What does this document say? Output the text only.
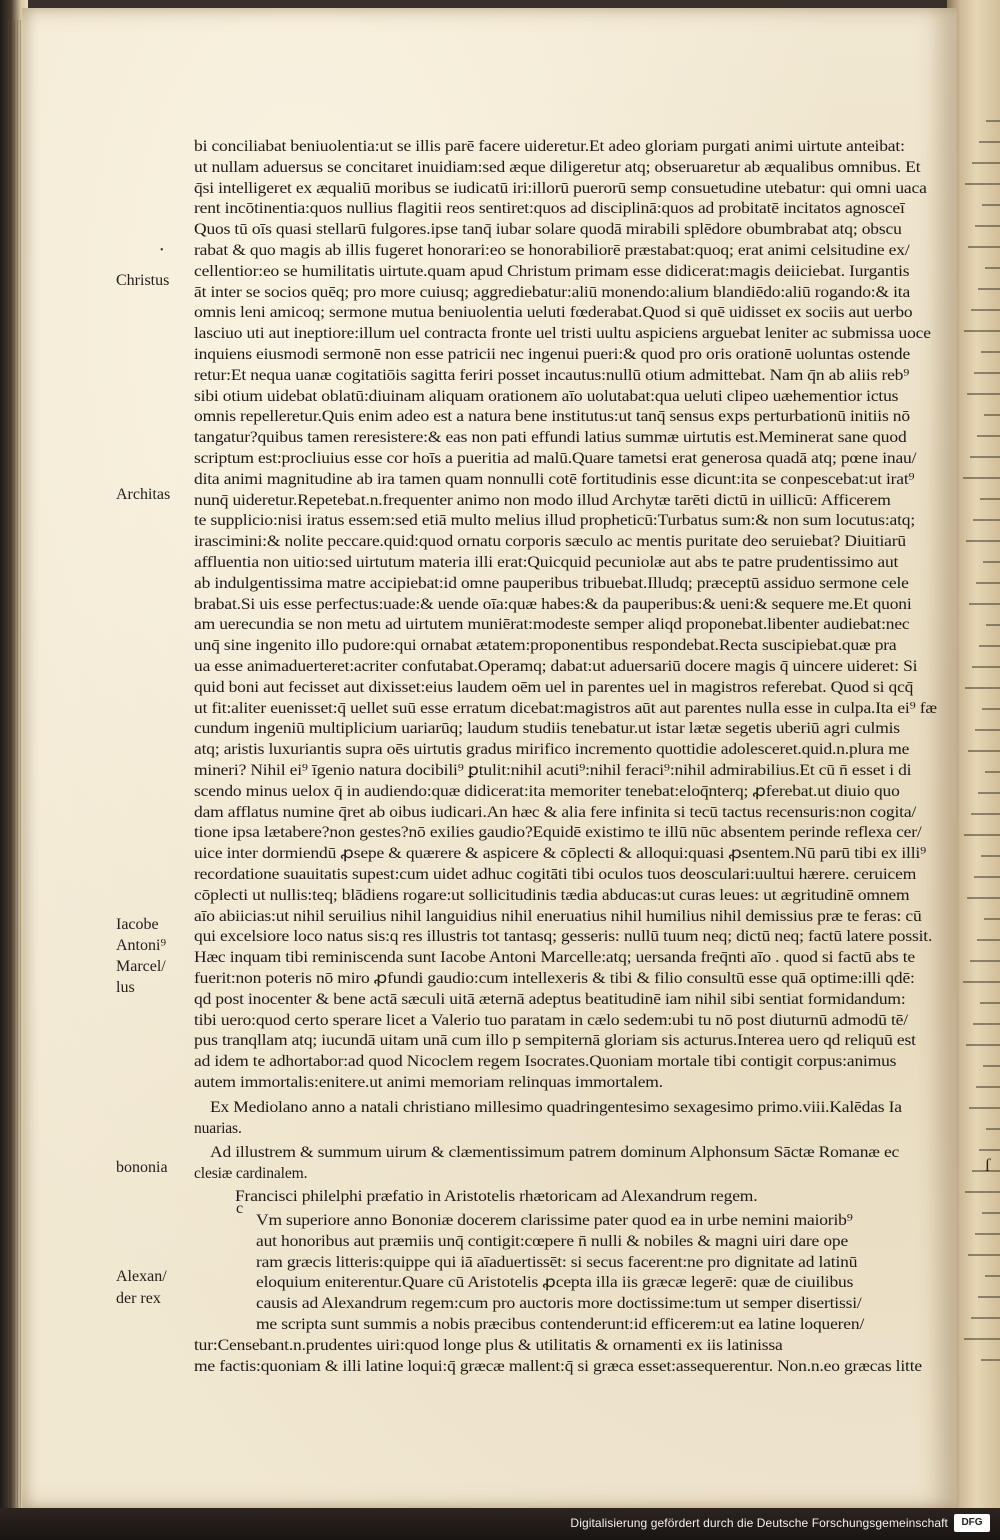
bi conciliabat beniuolentia:ut se illis parē facere uideretur.Et adeo gloriam purgati animi uirtute anteibat:
ut nullam aduersus se concitaret inuidiam:sed æque diligeretur atq; obseruaretur ab æqualibus omnibus. Et
q̄si intelligeret ex æqualiū moribus se iudicatū iri:illorū puerorū semp consuetudine utebatur: qui omni uaca
rent incōtinentia:quos nullius flagitii reos sentiret:quos ad disciplinā:quos ad probitatē incitatos agnosceī
Quos tū oīs quasi stellarū fulgores.ipse tanq̄ iubar solare quodā mirabili splēdore obumbrabat atq; obscu
rabat & quo magis ab illis fugeret honorari:eo se honorabiliorē præstabat:quoq; erat animi celsitudine ex/
cellentior:eo se humilitatis uirtute.quam apud Christum primam esse didicerat:magis deiiciebat. Iurgantis
āt inter se socios quēq; pro more cuiusq; aggrediebatur:aliū monendo:alium blandiēdo:aliū rogando:& ita
omnis leni amicoq; sermone mutua beniuolentia ueluti fœderabat.Quod si quē uidisset ex sociis aut uerbo
lasciuo uti aut ineptiore:illum uel contracta fronte uel tristi uultu aspiciens arguebat leniter ac submissa uoce
inquiens eiusmodi sermonē non esse patricii nec ingenui pueri:& quod pro oris orationē uoluntas ostende
retur:Et nequa uanæ cogitatiōis sagitta feriri posset incautus:nullū otium admittebat. Nam q̄n ab aliis reb⁹
sibi otium uidebat oblatū:diuinam aliquam orationem aīo uolutabat:qua ueluti clipeo uæhementior ictus
omnis repelleretur.Quis enim adeo est a natura bene institutus:ut tanq̄ sensus exps perturbationū initiis nō
tangatur?quibus tamen reresistere:& eas non pati effundi latius summæ uirtutis est.Meminerat sane quod
scriptum est:procliuius esse cor hoīs a pueritia ad malū.Quare tametsi erat generosa quadā atq; pœne inau/
dita animi magnitudine ab ira tamen quam nonnulli cotē fortitudinis esse dicunt:ita se conpescebat:ut irat⁹
nunq̄ uideretur.Repetebat.n.frequenter animo non modo illud Archytæ tarēti dictū in uillicū: Afficerem
te supplicio:nisi iratus essem:sed etiā multo melius illud propheticū:Turbatus sum:& non sum locutus:atq;
irascimini:& nolite peccare.quid:quod ornatu corporis sæculo ac mentis puritate deo seruiebat? Diuitiarū
affluentia non uitio:sed uirtutum materia illi erat:Quicquid pecuniolæ aut abs te patre prudentissimo aut
ab indulgentissima matre accipiebat:id omne pauperibus tribuebat.Illudq; præceptū assiduo sermone cele
brabat.Si uis esse perfectus:uade:& uende oīa:quæ habes:& da pauperibus:& ueni:& sequere me.Et quoni
am uerecundia se non metu ad uirtutem muniērat:modeste semper aliqd proponebat.libenter audiebat:nec
unq̄ sine ingenito illo pudore:qui ornabat ætatem:proponentibus respondebat.Recta suscipiebat.quæ pra
ua esse animaduerteret:acriter confutabat.Operamq; dabat:ut aduersariū docere magis q̄ uincere uideret: Si
quid boni aut fecisset aut dixisset:eius laudem oēm uel in parentes uel in magistros referebat. Quod si qcq̄
ut fit:aliter euenisset:q̄ uellet suū esse erratum dicebat:magistros aūt aut parentes nulla esse in culpa.Ita ei⁹ fæ
cundum ingeniū multiplicium uariarūq; laudum studiis tenebatur.ut istar lætæ segetis uberiū agri culmis
atq; aristis luxuriantis supra oēs uirtutis gradus mirifico incremento quottidie adolesceret.quid.n.plura me
mineri? Nihil ei⁹ īgenio natura docibili⁹ ꝑtulit:nihil acuti⁹:nihil feraci⁹:nihil admirabilius.Et cū n̄ esset i di
scendo minus uelox q̄ in audiendo:quæ didicerat:ita memoriter tenebat:eloq̄nterq; ꝓferebat.ut diuio quo
dam afflatus numine q̄ret ab oibus iudicari.An hæc & alia fere infinita si tecū tactus recensuris:non cogita/
tione ipsa lætabere?non gestes?nō exilies gaudio?Equidē existimo te illū nūc absentem perinde reflexa cer/
uice inter dormiendū ꝓsepe & quærere & aspicere & cōplecti & alloqui:quasi ꝓsentem.Nū parū tibi ex illi⁹
recordatione suauitatis supest:cum uidet adhuc cogitāti tibi oculos tuos deosculari:uultui hærere. ceruicem
cōplecti ut nullis:teq; blādiens rogare:ut sollicitudinis tædia abducas:ut curas leues: ut ægritudinē omnem
aīo abiicias:ut nihil seruilius nihil languidius nihil eneruatius nihil humilius nihil demissius præ te feras: cū
qui excelsiore loco natus sis:q res illustris tot tantasq; gesseris: nullū tuum neq; dictū neq; factū latere possit.
Hæc inquam tibi reminiscenda sunt Iacobe Antoni Marcelle:atq; uersanda freq̄nti aīo . quod si factū abs te
fuerit:non poteris nō miro ꝓfundi gaudio:cum intellexeris & tibi & filio consultū esse quā optime:illi qdē:
qd post inocenter & bene actā sæculi uitā æternā adeptus beatitudinē iam nihil sibi sentiat formidandum:
tibi uero:quod certo sperare licet a Valerio tuo paratam in cælo sedem:ubi tu nō post diuturnū admodū tē/
pus tranqllam atq; iucundā uitam unā cum illo p sempiternā gloriam sis acturus.Interea uero qd reliquū est
ad idem te adhortabor:ad quod Nicoclem regem Isocrates.Quoniam mortale tibi contigit corpus:animus
autem immortalis:enitere.ut animi memoriam relinquas immortalem.
Ex Mediolano anno a natali christiano millesimo quadringentesimo sexagesimo primo.viii.Kalēdas Ia
nuarias.
Ad illustrem & summum uirum & clæmentissimum patrem dominum Alphonsum Sāctæ Romanæ ec
clesiæ cardinalem.
Francisci philelphi præfatio in Aristotelis rhætoricam ad Alexandrum regem.
Vm superiore anno Bononiæ docerem clarissime pater quod ea in urbe nemini maiorib⁹
aut honoribus aut præmiis unq̄ contigit:cœpere n̄ nulli & nobiles & magni uiri dare ope
ram græcis litteris:quippe qui iā aīaduertissēt: si secus facerent:ne pro dignitate ad latinū
eloquium eniterentur.Quare cū Aristotelis ꝓcepta illa iis græcæ legerē: quæ de ciuilibus
causis ad Alexandrum regem:cum pro auctoris more doctissime:tum ut semper disertissi/
me scripta sunt summis a nobis præcibus contenderunt:id efficerem:ut ea latine loqueren/
tur:Censebant.n.prudentes uiri:quod longe plus & utilitatis & ornamenti ex iis latinissa
me factis:quoniam & illi latine loqui:q̄ græcæ mallent:q̄ si græca esset:assequerentur. Non.n.eo græcas litte
Christus
Architas
Iacobe
Antoni⁹
Marcel/
lus
bononia
c
Alexan/
der rex
•
ſ
Digitalisierung gefördert durch die Deutsche Forschungsgemeinschaft	DFG
